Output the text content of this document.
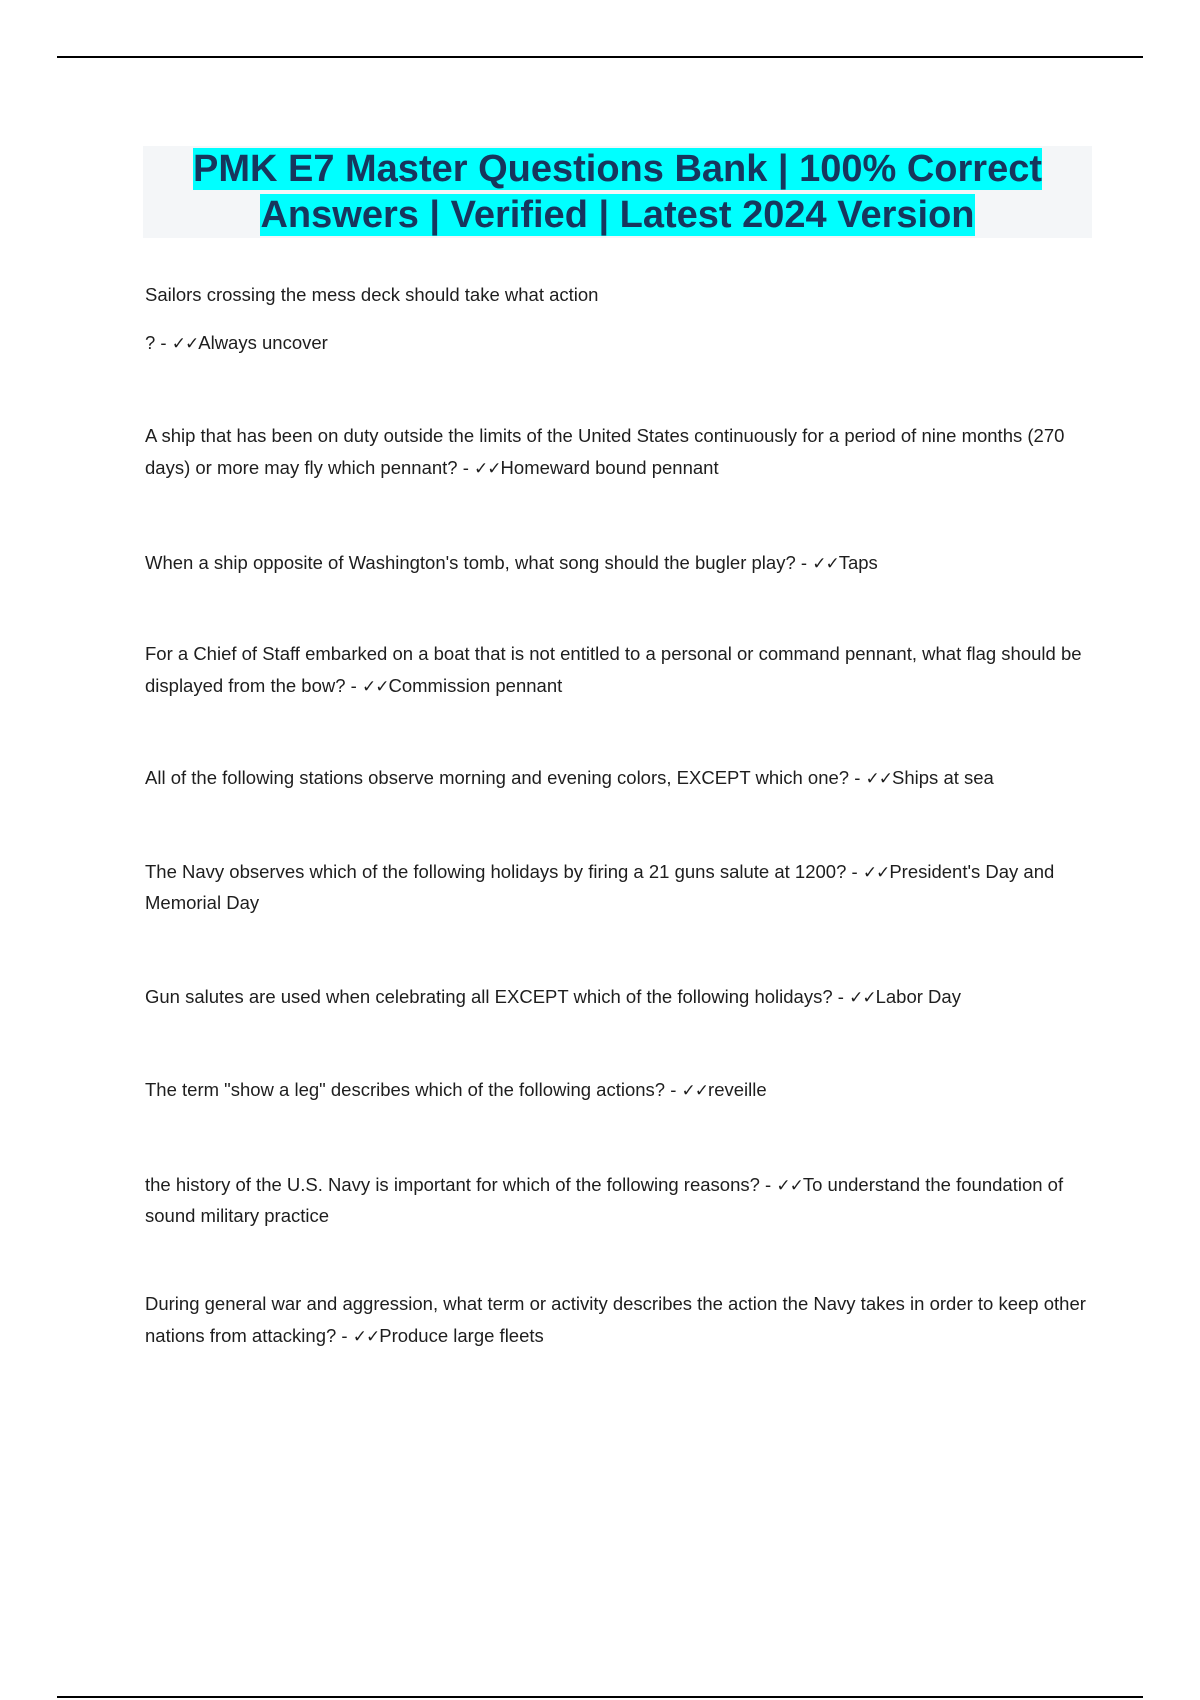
PMK E7 Master Questions Bank | 100% Correct Answers | Verified | Latest 2024 Version
Sailors crossing the mess deck should take what action
? - ✓✓Always uncover
A ship that has been on duty outside the limits of the United States continuously for a period of nine months (270 days) or more may fly which pennant? - ✓✓Homeward bound pennant
When a ship opposite of Washington's tomb, what song should the bugler play? - ✓✓Taps
For a Chief of Staff embarked on a boat that is not entitled to a personal or command pennant, what flag should be displayed from the bow? - ✓✓Commission pennant
All of the following stations observe morning and evening colors, EXCEPT which one? - ✓✓Ships at sea
The Navy observes which of the following holidays by firing a 21 guns salute at 1200? - ✓✓President's Day and Memorial Day
Gun salutes are used when celebrating all EXCEPT which of the following holidays? - ✓✓Labor Day
The term "show a leg" describes which of the following actions? - ✓✓reveille
the history of the U.S. Navy is important for which of the following reasons? - ✓✓To understand the foundation of sound military practice
During general war and aggression, what term or activity describes the action the Navy takes in order to keep other nations from attacking? - ✓✓Produce large fleets
